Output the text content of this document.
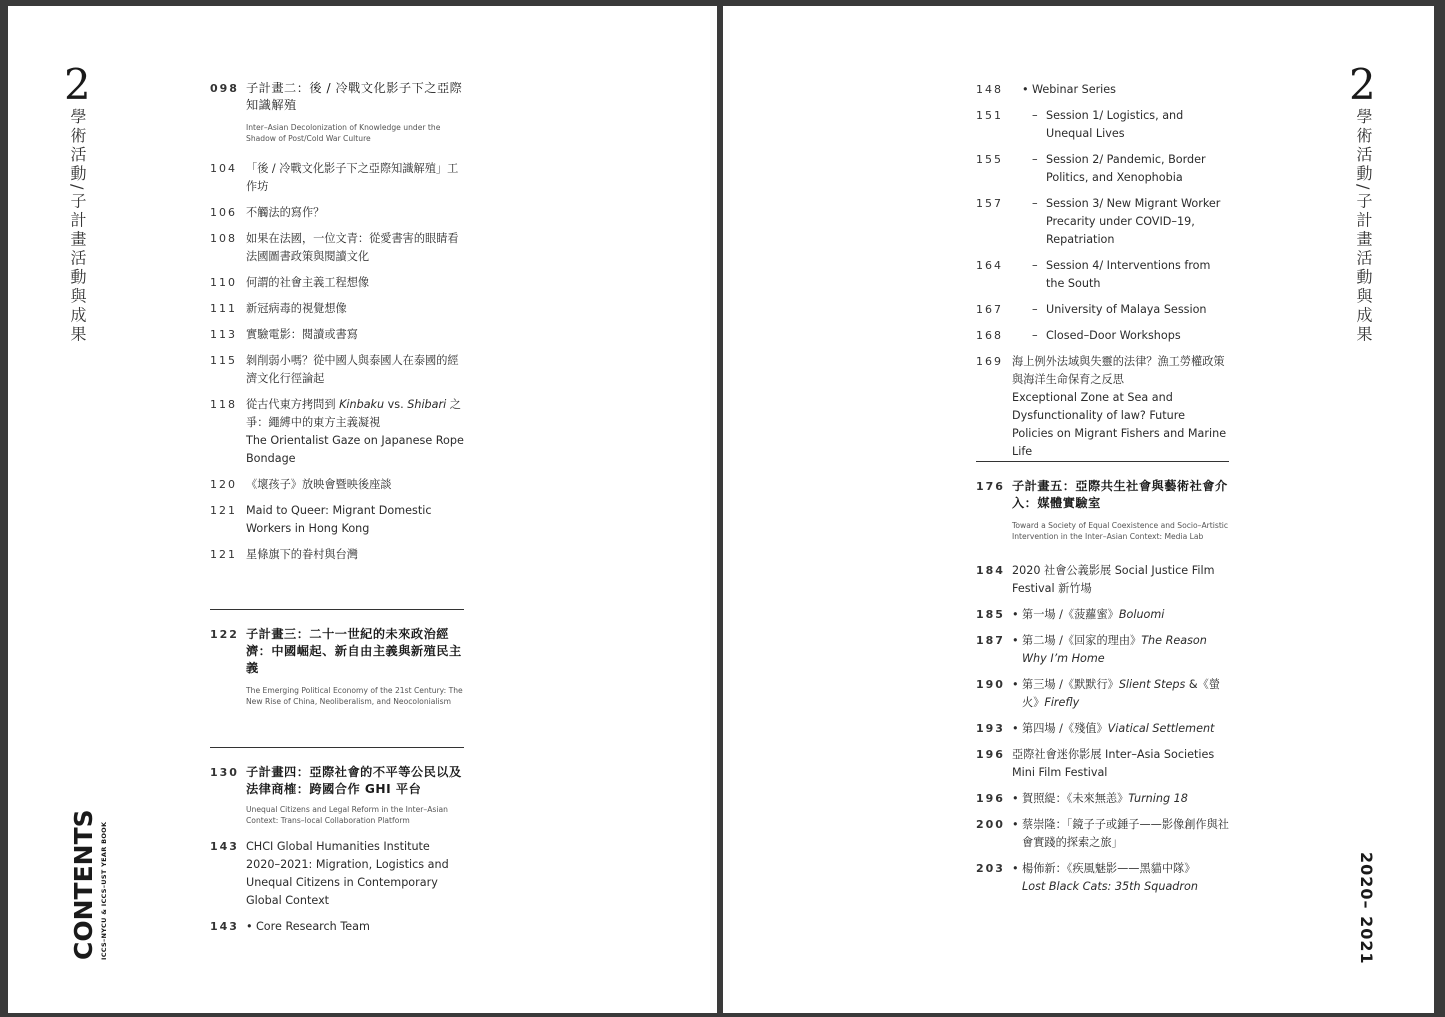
2
學術活動/子計畫活動與成果
CONTENTS ICCS–NYCU & ICCS–UST YEAR BOOK
098 子計畫二：後 / 冷戰文化影子下之亞際知識解殖
Inter–Asian Decolonization of Knowledge under the Shadow of Post/Cold War Culture
104 「後 / 冷戰文化影子下之亞際知識解殖」工作坊
106 不觸法的寫作？
108 如果在法國，一位文青：從愛書害的眼睛看法國圖書政策與閱讀文化
110 何謂的社會主義工程想像
111 新冠病毒的視覺想像
113 實驗電影：閱讀或書寫
115 剝削弱小嗎？從中國人與泰國人在泰國的經濟文化行徑論起
118 從古代東方拷問到 Kinbaku vs. Shibari 之爭：繩縛中的東方主義凝視
The Orientalist Gaze on Japanese Rope Bondage
120 《壞孩子》放映會暨映後座談
121 Maid to Queer: Migrant Domestic Workers in Hong Kong
121 星條旗下的眷村與台灣
122 子計畫三：二十一世紀的未來政治經濟：中國崛起、新自由主義與新殖民主義
The Emerging Political Economy of the 21st Century: The New Rise of China, Neoliberalism, and Neocolonialism
130 子計畫四：亞際社會的不平等公民以及法律商榷：跨國合作 GHI 平台
Unequal Citizens and Legal Reform in the Inter–Asian Context: Trans–local Collaboration Platform
143 CHCI Global Humanities Institute 2020–2021: Migration, Logistics and Unequal Citizens in Contemporary Global Context
143 • Core Research Team
2
學術活動/子計畫活動與成果
2020– 2021
148	• Webinar Series
151	– Session 1/ Logistics, and Unequal Lives
155	– Session 2/ Pandemic, Border Politics, and Xenophobia
157	– Session 3/ New Migrant Worker Precarity under COVID–19, Repatriation
164	– Session 4/ Interventions from the South
167	– University of Malaya Session
168	– Closed–Door Workshops
169 海上例外法域與失靈的法律？漁工勞權政策與海洋生命保育之反思
Exceptional Zone at Sea and Dysfunctionality of law? Future Policies on Migrant Fishers and Marine Life
176 子計畫五：亞際共生社會與藝術社會介入：媒體實驗室
Toward a Society of Equal Coexistence and Socio–Artistic Intervention in the Inter–Asian Context: Media Lab
184 2020 社會公義影展 Social Justice Film Festival 新竹場
185 • 第一場 /《菠蘿蜜》Boluomi
187 • 第二場 /《回家的理由》The Reason Why I’m Home
190 • 第三場 /《默默行》Slient Steps &《螢火》Firefly
193 • 第四場 /《殘值》Viatical Settlement
196 亞際社會迷你影展 Inter–Asia Societies Mini Film Festival
196 • 賀照緹：《未來無恙》Turning 18
200 • 蔡崇隆：「鏡子子或錘子——影像創作與社會實踐的探索之旅」
203 • 楊佈新：《疾風魅影——黑貓中隊》
Lost Black Cats: 35th Squadron
